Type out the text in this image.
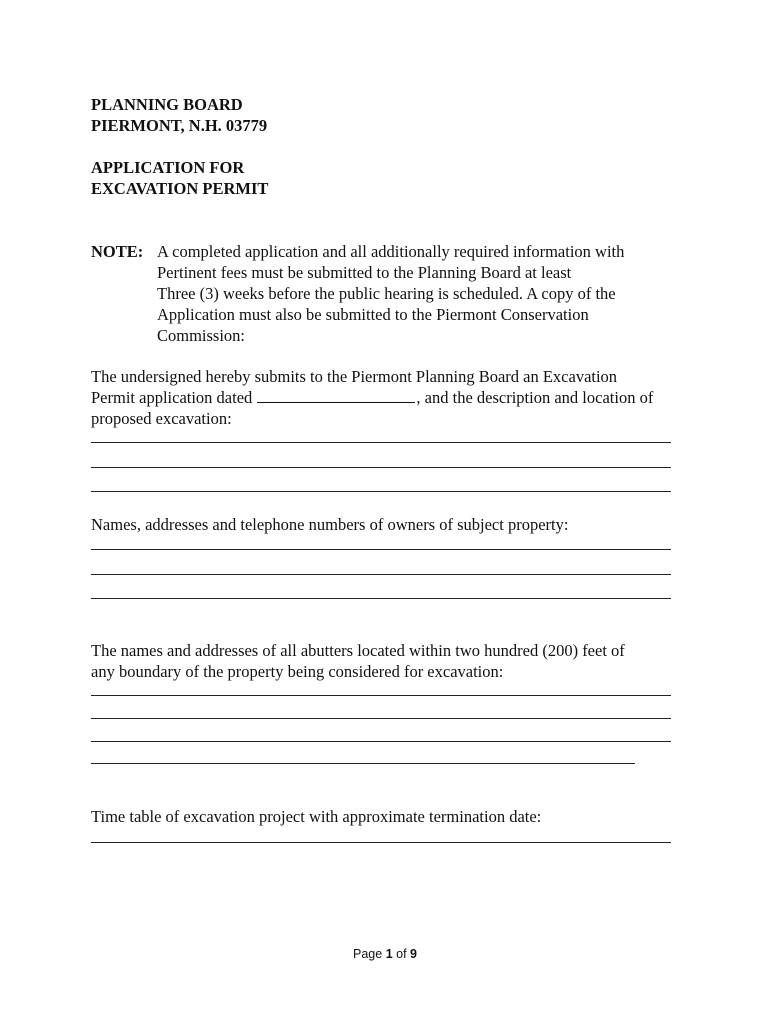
PLANNING BOARD
PIERMONT, N.H. 03779
APPLICATION FOR
EXCAVATION PERMIT
NOTE: A completed application and all additionally required information with
Pertinent fees must be submitted to the Planning Board at least
Three (3) weeks before the public hearing is scheduled. A copy of the
Application must also be submitted to the Piermont Conservation
Commission:
The undersigned hereby submits to the Piermont Planning Board an Excavation
Permit application dated	, and the description and location of
proposed excavation:
Names, addresses and telephone numbers of owners of subject property:
The names and addresses of all abutters located within two hundred (200) feet of
any boundary of the property being considered for excavation:
Time table of excavation project with approximate termination date:
Page 1 of 9
